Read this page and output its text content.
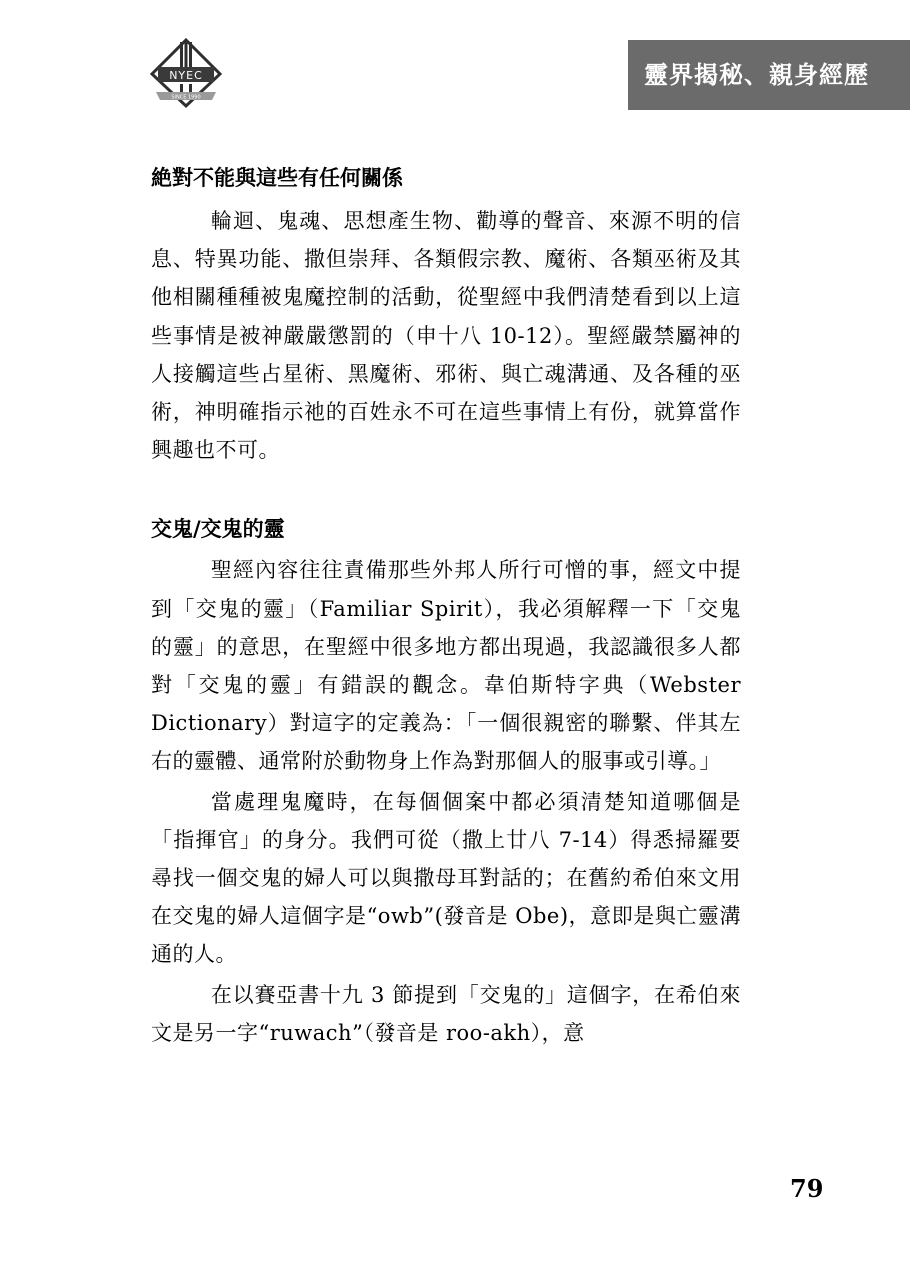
NYEC
SINCE 1990
靈界揭秘、親身經歷
絶對不能與這些有任何關係

輪迴、鬼魂、思想產生物、勸導的聲音、來源不明的信息、特異功能、撒但崇拜、各類假宗教、魔術、各類巫術及其他相關種種被鬼魔控制的活動，從聖經中我們清楚看到以上這些事情是被神嚴嚴懲罰的（申十八 10-12）。聖經嚴禁屬神的人接觸這些占星術、黑魔術、邪術、與亡魂溝通、及各種的巫術，神明確指示祂的百姓永不可在這些事情上有份，就算當作興趣也不可。

交鬼/交鬼的靈

聖經內容往往責備那些外邦人所行可憎的事，經文中提到「交鬼的靈」（Familiar Spirit），我必須解釋一下「交鬼的靈」的意思，在聖經中很多地方都出現過，我認識很多人都對「交鬼的靈」有錯誤的觀念。韋伯斯特字典（Webster Dictionary）對這字的定義為：「一個很親密的聯繫、伴其左右的靈體、通常附於動物身上作為對那個人的服事或引導。」

當處理鬼魔時，在每個個案中都必須清楚知道哪個是「指揮官」的身分。我們可從（撒上廿八 7-14）得悉掃羅要尋找一個交鬼的婦人可以與撒母耳對話的；在舊約希伯來文用在交鬼的婦人這個字是“owb”(發音是 Obe)，意即是與亡靈溝通的人。

在以賽亞書十九 3 節提到「交鬼的」這個字，在希伯來文是另一字“ruwach”（發音是 roo-akh），意

79
